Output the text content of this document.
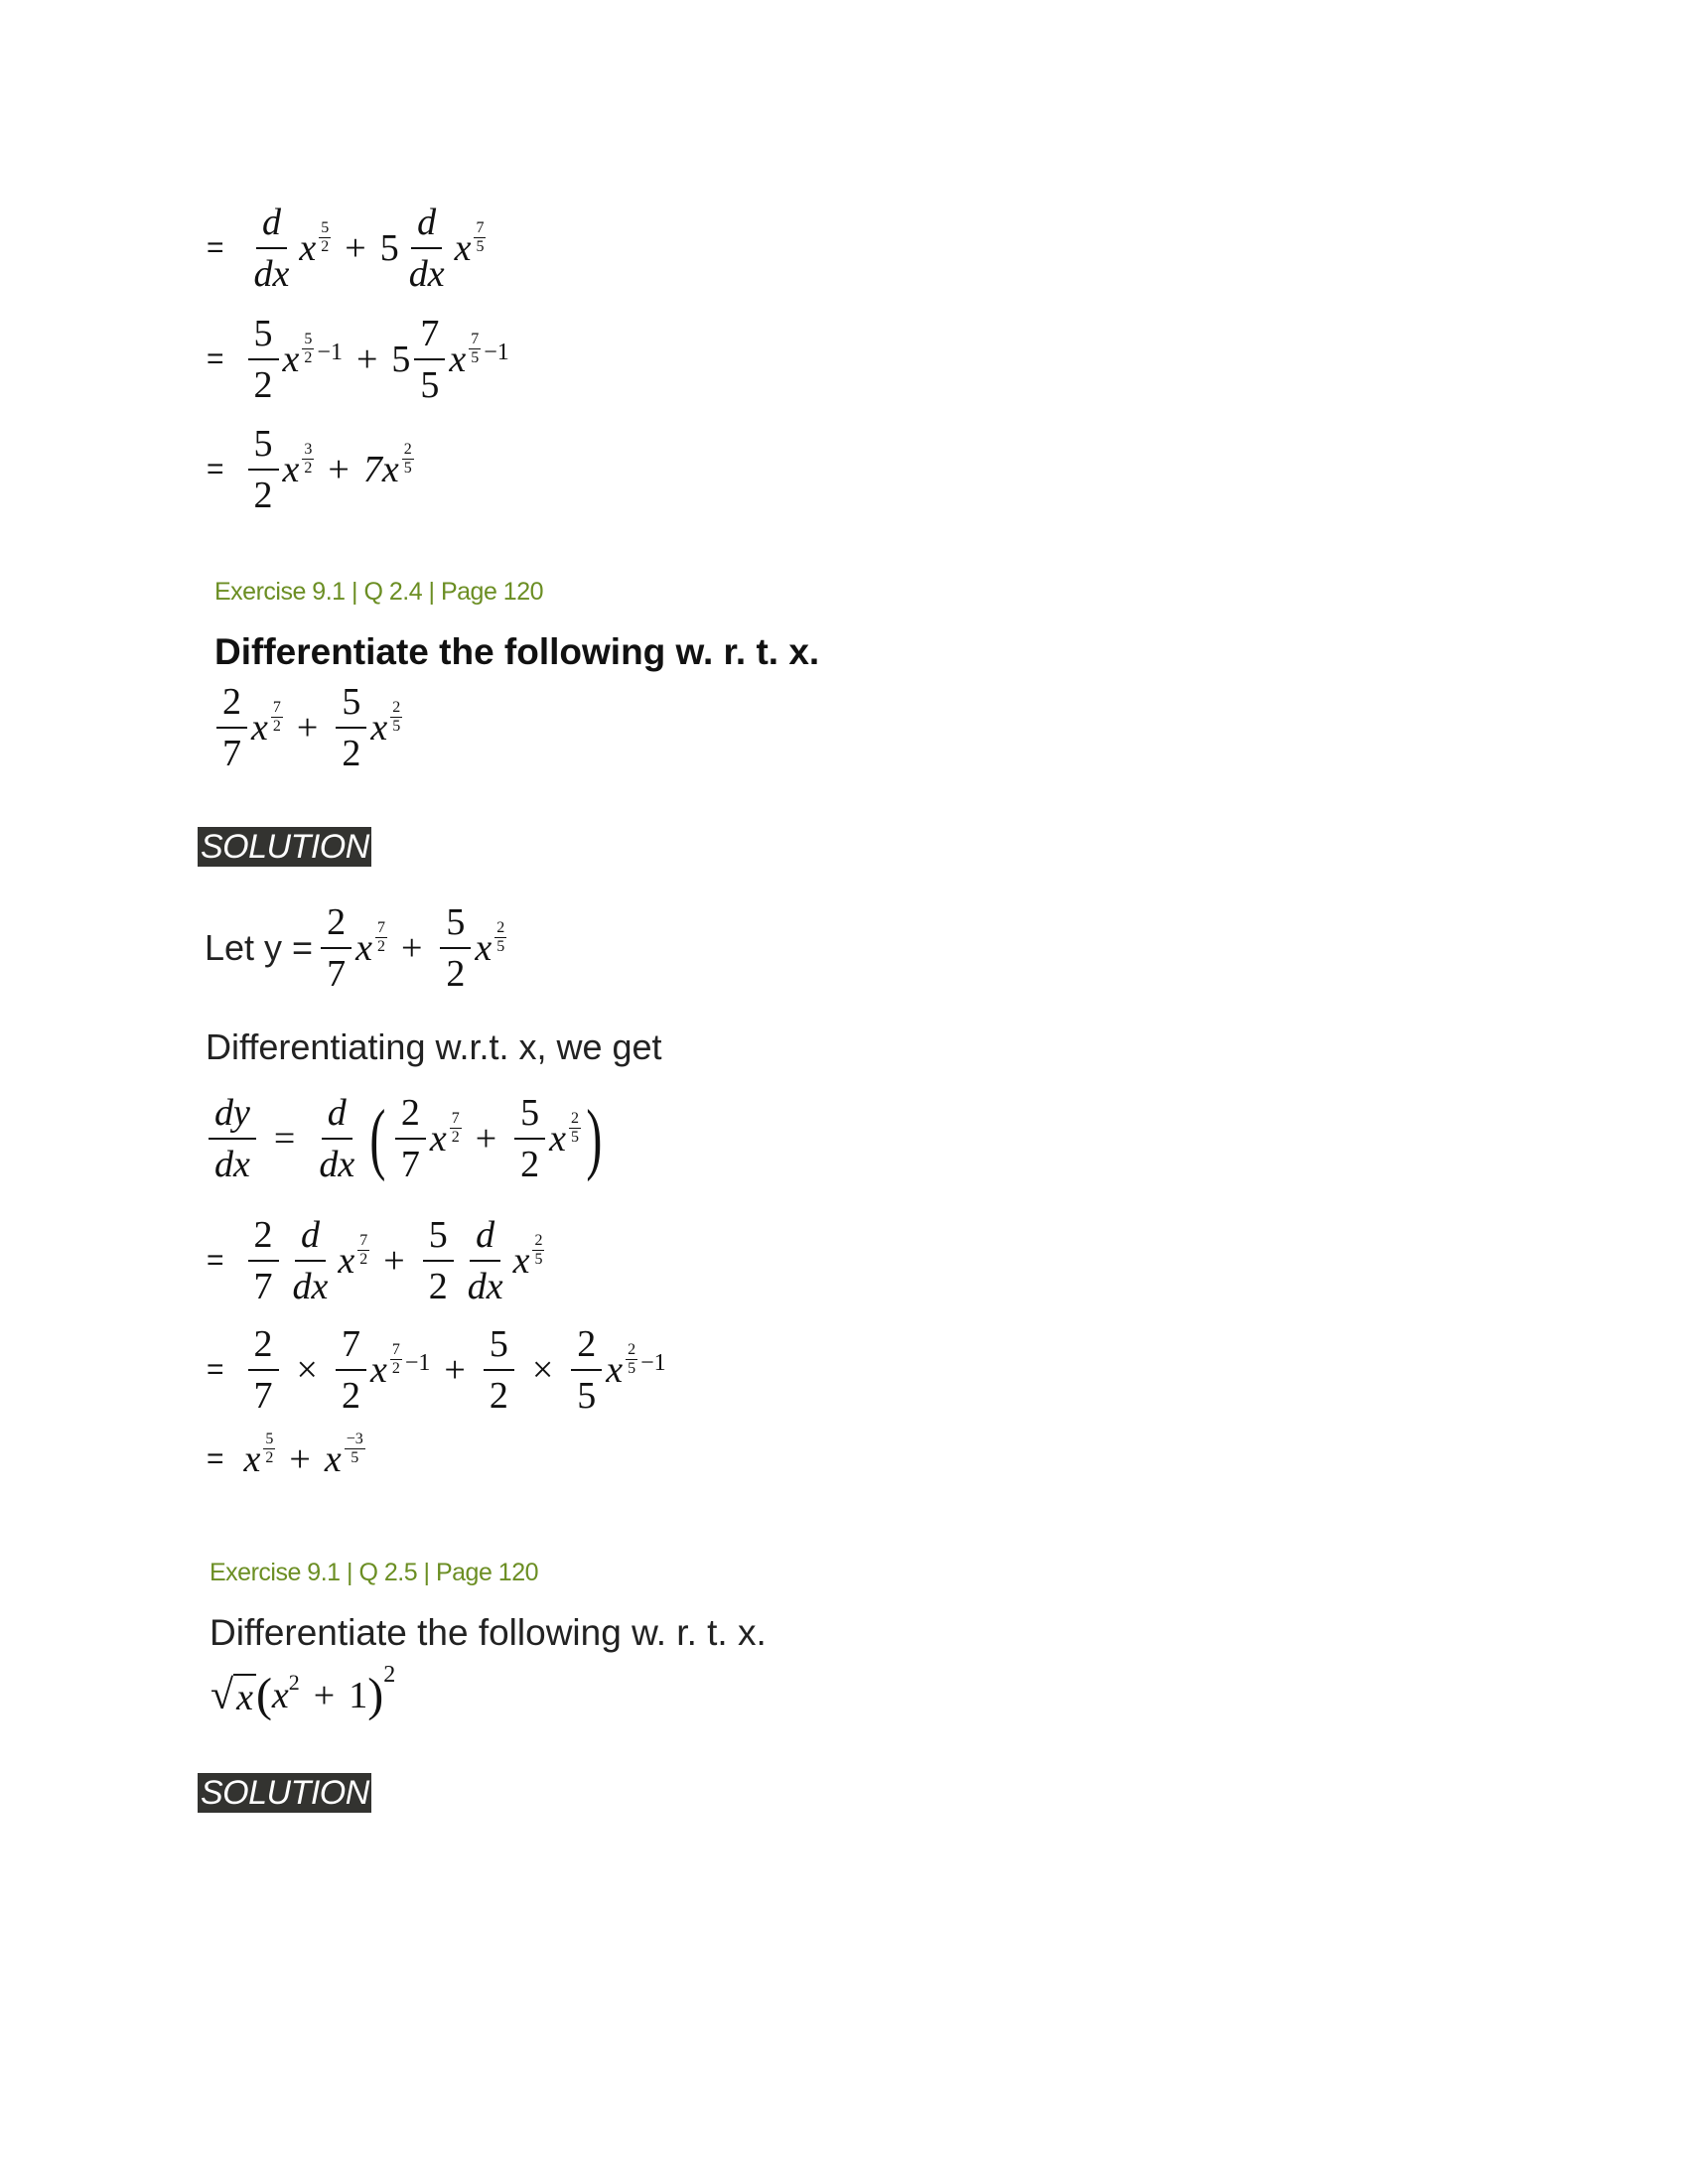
= $\frac{d}{dx}$ x $\frac{5}{2} + 5 \frac{d}{dx}$ x $\frac{7}{5}$
= $\frac{5}{2}$ x $\frac{5}{2} -1 + 5 \frac{7}{5}$ x $\frac{7}{5} -1$
= $\frac{5}{2}$ x $\frac{3}{2} + 7x \frac{2}{5}$
Exercise 9.1 | Q 2.4 | Page 120
Differentiate the following w. r. t. x.
$\frac{2}{7}$ x $\frac{7}{2} + \frac{5}{2}$ x $\frac{2}{5}$
SOLUTION
Let $y = \frac{2}{7}$ x $\frac{7}{2} + \frac{5}{2}$ x $\frac{2}{5}$
Differentiating w.r.t. x, we get
$\frac{dy}{dx} = \frac{d}{dx}$ ( $\frac{2}{7}$ x $\frac{7}{2} + \frac{5}{2}$ x $\frac{2}{5}$ )
= $\frac{2}{7} \frac{d}{dx}$ x $\frac{7}{2} + \frac{5}{2} \frac{d}{dx}$ x $\frac{2}{5}$
= $\frac{2}{7} \times \frac{7}{2}$ x $\frac{7}{2} -1 + \frac{5}{2} \times \frac{2}{5}$ x $\frac{2}{5} -1$
= x $\frac{5}{2} + x \frac{-3}{5}$
Exercise 9.1 | Q 2.5 | Page 120
Differentiate the following w. r. t. x.
√ x ( x 2 + 1 ) 2
SOLUTION
